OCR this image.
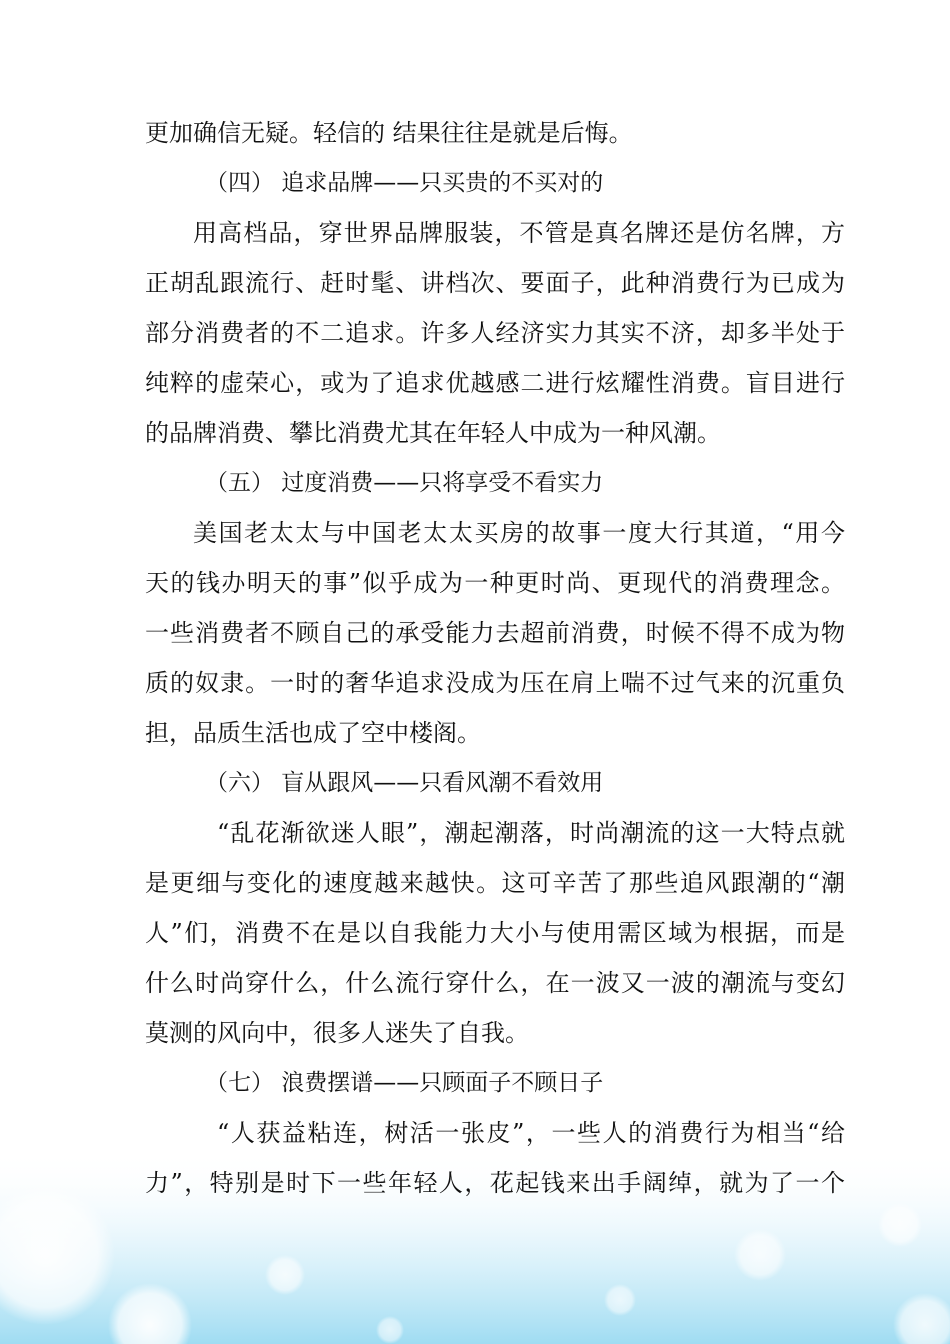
更加确信无疑。轻信的 结果往往是就是后悔。
（四） 追求品牌——只买贵的不买对的
用高档品，穿世界品牌服装，不管是真名牌还是仿名牌，方
正胡乱跟流行、赶时髦、讲档次、要面子，此种消费行为已成为
部分消费者的不二追求。许多人经济实力其实不济，却多半处于
纯粹的虚荣心，或为了追求优越感二进行炫耀性消费。盲目进行
的品牌消费、攀比消费尤其在年轻人中成为一种风潮。
（五） 过度消费——只将享受不看实力
美国老太太与中国老太太买房的故事一度大行其道，“用今
天的钱办明天的事”似乎成为一种更时尚、更现代的消费理念。
一些消费者不顾自己的承受能力去超前消费，时候不得不成为物
质的奴隶。一时的奢华追求没成为压在肩上喘不过气来的沉重负
担，品质生活也成了空中楼阁。
（六） 盲从跟风——只看风潮不看效用
“乱花渐欲迷人眼”，潮起潮落，时尚潮流的这一大特点就
是更细与变化的速度越来越快。这可辛苦了那些追风跟潮的“潮
人”们，消费不在是以自我能力大小与使用需区域为根据，而是
什么时尚穿什么，什么流行穿什么，在一波又一波的潮流与变幻
莫测的风向中，很多人迷失了自我。
（七） 浪费摆谱——只顾面子不顾日子
“人获益粘连，树活一张皮”，一些人的消费行为相当“给
力”，特别是时下一些年轻人，花起钱来出手阔绰，就为了一个
